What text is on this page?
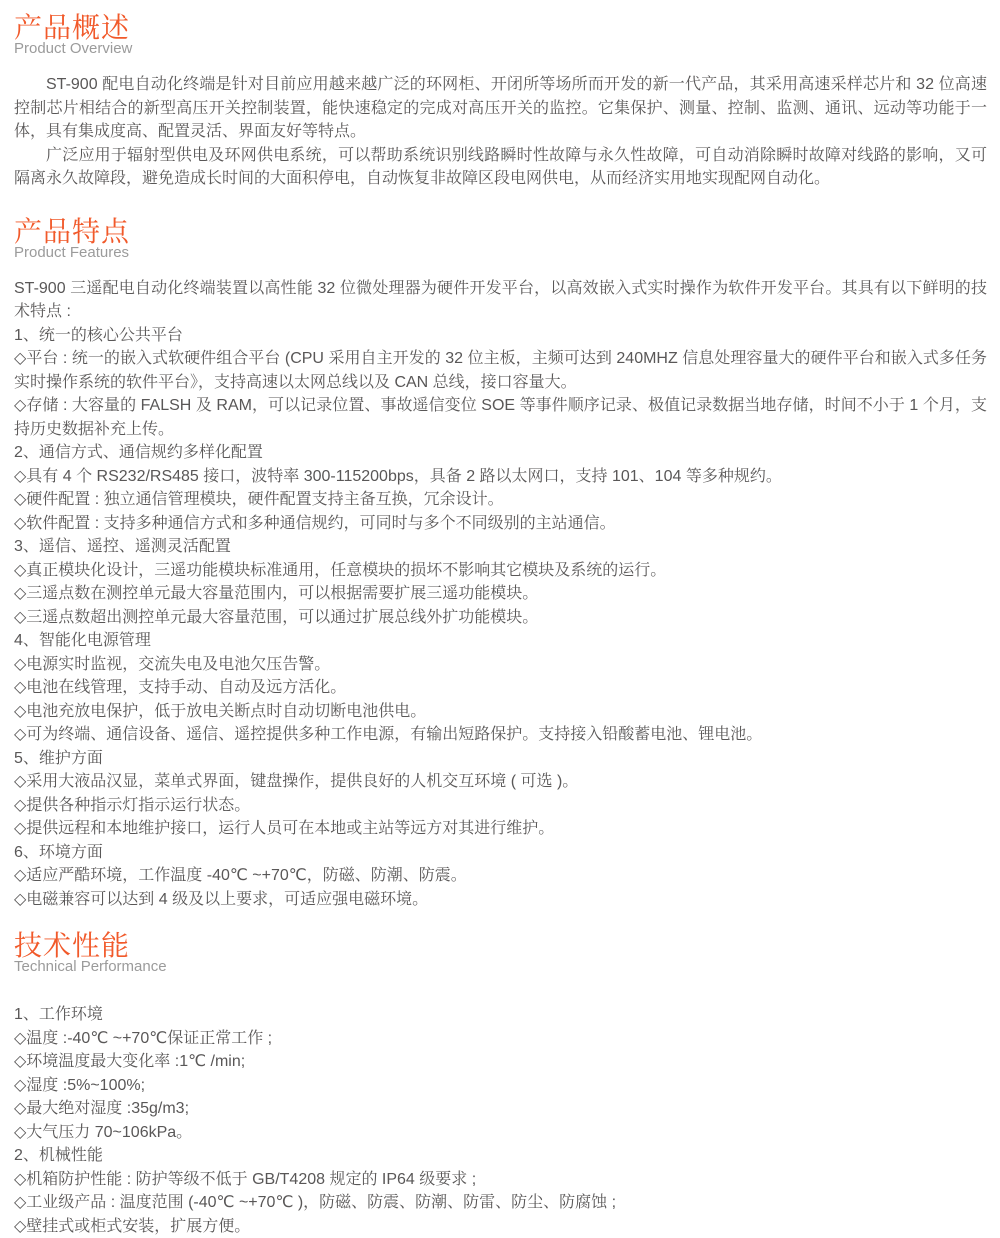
产品概述
Product Overview
ST-900 配电自动化终端是针对目前应用越来越广泛的环网柜、开闭所等场所而开发的新一代产品，其采用高速采样芯片和 32 位高速控制芯片相结合的新型高压开关控制装置，能快速稳定的完成对高压开关的监控。它集保护、测量、控制、监测、通讯、远动等功能于一体，具有集成度高、配置灵活、界面友好等特点。
广泛应用于辐射型供电及环网供电系统，可以帮助系统识别线路瞬时性故障与永久性故障，可自动消除瞬时故障对线路的影响，又可隔离永久故障段，避免造成长时间的大面积停电，自动恢复非故障区段电网供电，从而经济实用地实现配网自动化。
产品特点
Product Features

ST-900 三遥配电自动化终端装置以高性能 32 位微处理器为硬件开发平台，以高效嵌入式实时操作为软件开发平台。其具有以下鲜明的技术特点 :

1、统一的核心公共平台
◇平台 : 统一的嵌入式软硬件组合平台 (CPU 采用自主开发的 32 位主板，主频可达到 240MHZ 信息处理容量大的硬件平台和嵌入式多任务实时操作系统的软件平台》，支持高速以太网总线以及 CAN 总线，接口容量大。
◇存储 : 大容量的 FALSH 及 RAM，可以记录位置、事故遥信变位 SOE 等事件顺序记录、极值记录数据当地存储，时间不小于 1 个月，支持历史数据补充上传。
2、通信方式、通信规约多样化配置
◇具有 4 个 RS232/RS485 接口，波特率 300-115200bps，具备 2 路以太网口，支持 101、104 等多种规约。
◇硬件配置 : 独立通信管理模块，硬件配置支持主备互换，冗余设计。
◇软件配置 : 支持多种通信方式和多种通信规约，可同时与多个不同级别的主站通信。
3、遥信、遥控、遥测灵活配置
◇真正模块化设计，三遥功能模块标准通用，任意模块的损坏不影响其它模块及系统的运行。
◇三遥点数在测控单元最大容量范围内，可以根据需要扩展三遥功能模块。
◇三遥点数超出测控单元最大容量范围，可以通过扩展总线外扩功能模块。
4、智能化电源管理
◇电源实时监视，交流失电及电池欠压告警。
◇电池在线管理，支持手动、自动及远方活化。
◇电池充放电保护，低于放电关断点时自动切断电池供电。
◇可为终端、通信设备、遥信、遥控提供多种工作电源，有输出短路保护。支持接入铅酸蓄电池、锂电池。
5、维护方面
◇采用大液品汉显，菜单式界面，键盘操作，提供良好的人机交互环境 ( 可选 )。
◇提供各种指示灯指示运行状态。
◇提供远程和本地维护接口，运行人员可在本地或主站等远方对其进行维护。
6、环境方面
◇适应严酷环境，工作温度 -40℃ ~+70℃，防磁、防潮、防震。
◇电磁兼容可以达到 4 级及以上要求，可适应强电磁环境。
技术性能
Technical Performance
1、工作环境
◇温度 :-40℃ ~+70℃保证正常工作 ;
◇环境温度最大变化率 :1℃ /min;
◇湿度 :5%~100%;
◇最大绝对湿度 :35g/m3;
◇大气压力 70~106kPa。
2、机械性能
◇机箱防护性能 : 防护等级不低于 GB/T4208 规定的 IP64 级要求 ;
◇工业级产品 : 温度范围 (-40℃ ~+70℃ )，防磁、防震、防潮、防雷、防尘、防腐蚀 ;
◇壁挂式或柜式安装，扩展方便。
